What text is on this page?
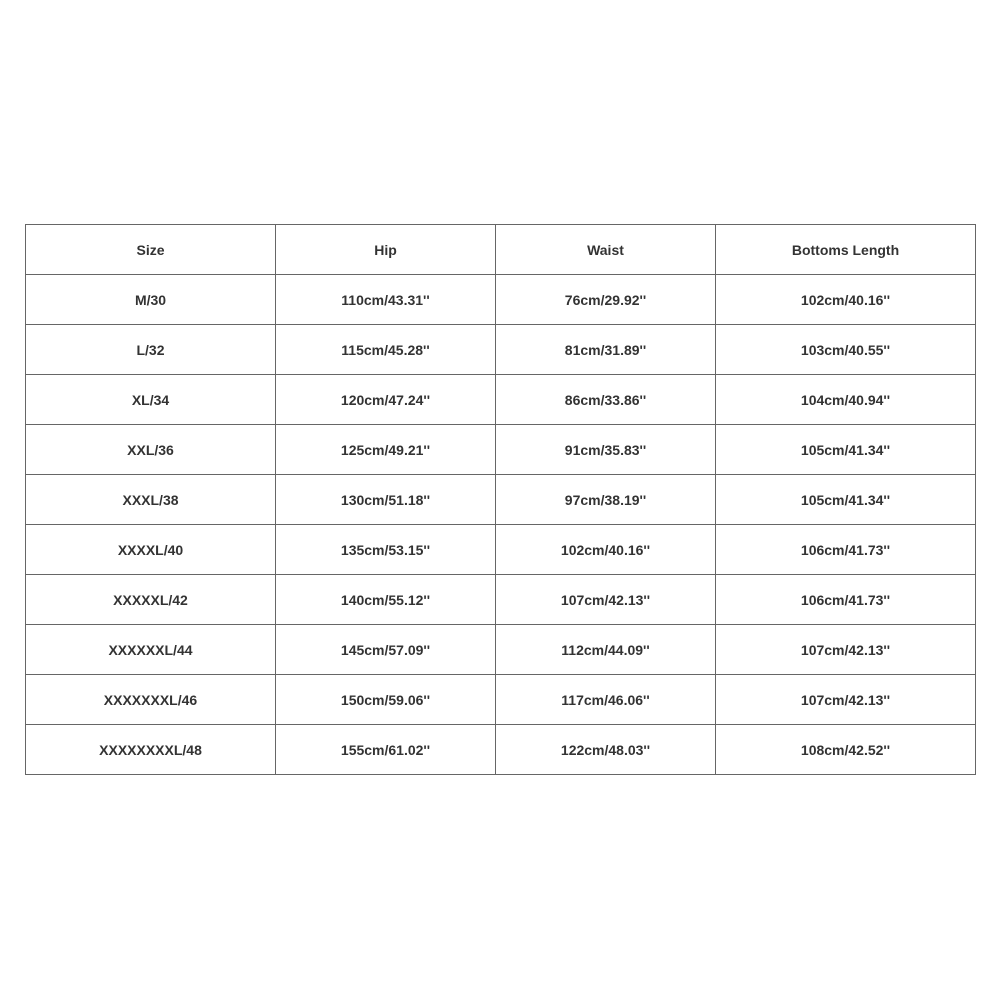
Size	Hip	Waist	Bottoms Length
M/30	110cm/43.31''	76cm/29.92''	102cm/40.16''
L/32	115cm/45.28''	81cm/31.89''	103cm/40.55''
XL/34	120cm/47.24''	86cm/33.86''	104cm/40.94''
XXL/36	125cm/49.21''	91cm/35.83''	105cm/41.34''
XXXL/38	130cm/51.18''	97cm/38.19''	105cm/41.34''
XXXXL/40	135cm/53.15''	102cm/40.16''	106cm/41.73''
XXXXXL/42	140cm/55.12''	107cm/42.13''	106cm/41.73''
XXXXXXL/44	145cm/57.09''	112cm/44.09''	107cm/42.13''
XXXXXXXL/46	150cm/59.06''	117cm/46.06''	107cm/42.13''
XXXXXXXXL/48	155cm/61.02''	122cm/48.03''	108cm/42.52''
